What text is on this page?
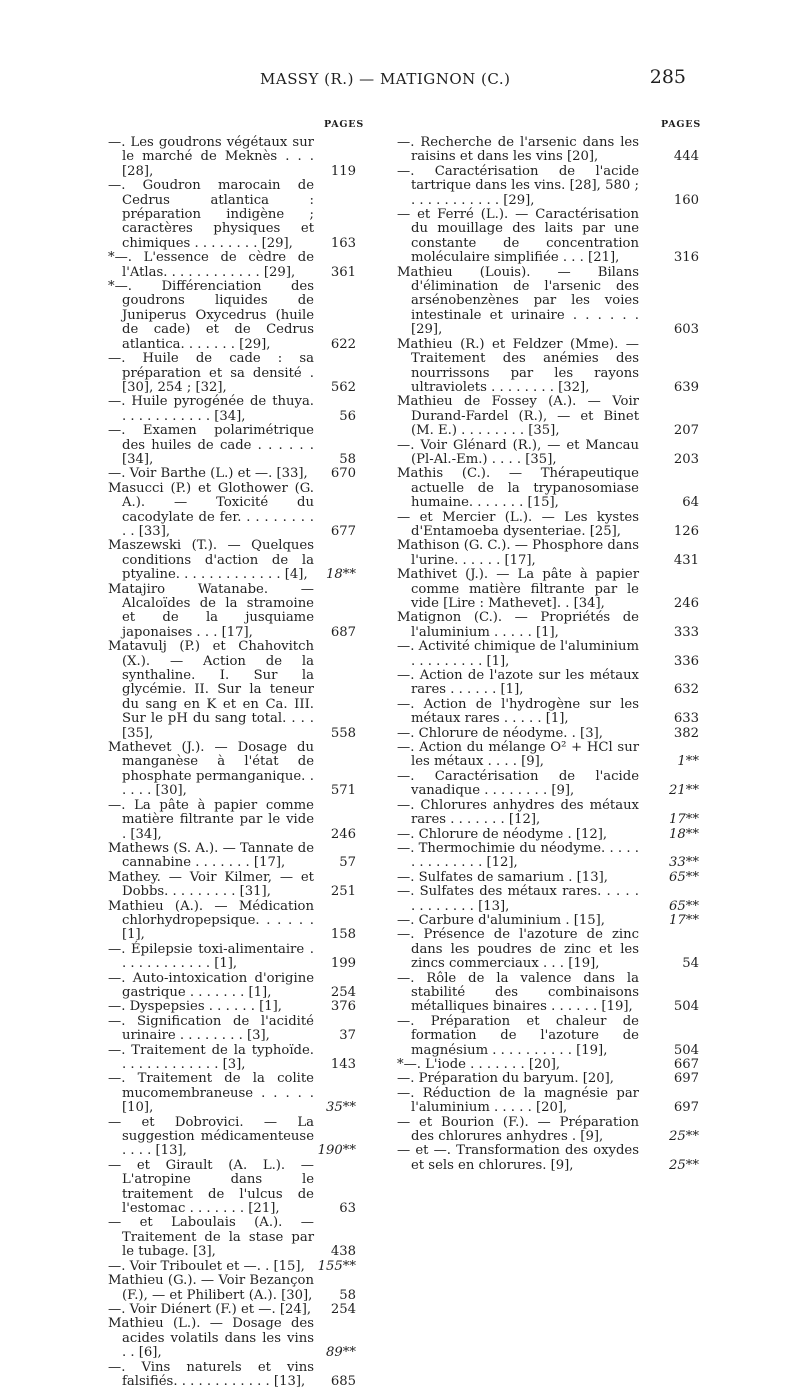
MASSY (R.) — MATIGNON (C.)	285
PAGES
—. Les goudrons végétaux sur le marché de Meknès . . . [28],	119
—. Goudron marocain de Cedrus atlantica : préparation indigène ; caractères physiques et chimiques . . . . . . . . [29],	163
*—. L'essence de cèdre de l'Atlas. . . . . . . . . . . . [29],	361
*—. Différenciation des goudrons liquides de Juniperus Oxycedrus (huile de cade) et de Cedrus atlantica. . . . . . . [29],	622
—. Huile de cade : sa préparation et sa densité . [30], 254 ; [32],	562
—. Huile pyrogénée de thuya. . . . . . . . . . . . [34],	56
—. Examen polarimétrique des huiles de cade . . . . . . [34],	58
—. Voir Barthe (L.) et —. [33],	670
Masucci (P.) et Glothower (G. A.). — Toxicité du cacodylate de fer. . . . . . . . . . . [33],	677
Maszewski (T.). — Quelques conditions d'action de la ptyaline. . . . . . . . . . . . . [4],	18**
Matajiro Watanabe. — Alcaloïdes de la stramoine et de la jusquiame japonaises . . . [17],	687
Matavulj (P.) et Chahovitch (X.). — Action de la synthaline. I. Sur la glycémie. II. Sur la teneur du sang en K et en Ca. III. Sur le pH du sang total. . . . [35],	558
Mathevet (J.). — Dosage du manganèse à l'état de phosphate permanganique. . . . . . [30],	571
—. La pâte à papier comme matière filtrante par le vide . [34],	246
Mathews (S. A.). — Tannate de cannabine . . . . . . . [17],	57
Mathey. — Voir Kilmer, — et Dobbs. . . . . . . . . [31],	251
Mathieu (A.). — Médication chlorhydropepsique. . . . . . [1],	158
—. Épilepsie toxi-alimentaire . . . . . . . . . . . . [1],	199
—. Auto-intoxication d'origine gastrique . . . . . . . [1],	254
—. Dyspepsies . . . . . . [1],	376
—. Signification de l'acidité urinaire . . . . . . . . [3],	37
—. Traitement de la typhoïde. . . . . . . . . . . . . [3],	143
—. Traitement de la colite mucomembraneuse . . . . . [10],	35**
— et Dobrovici. — La suggestion médicamenteuse . . . . [13],	190**
— et Girault (A. L.). — L'atropine dans le traitement de l'ulcus de l'estomac . . . . . . . [21],	63
— et Laboulais (A.). — Traitement de la stase par le tubage. [3],	438
—. Voir Triboulet et —. . [15], 155**
Mathieu (G.). — Voir Bezançon (F.), — et Philibert (A.). [30],	58
—. Voir Diénert (F.) et —. [24],	254
Mathieu (L.). — Dosage des acides volatils dans les vins . . [6],	89**
—. Vins naturels et vins falsifiés. . . . . . . . . . . . [13],	685
PAGES
—. Recherche de l'arsenic dans les raisins et dans les vins [20],	444
—. Caractérisation de l'acide tartrique dans les vins. [28], 580 ; . . . . . . . . . . . [29],	160
— et Ferré (L.). — Caractérisation du mouillage des laits par une constante de concentration moléculaire simplifiée . . . [21],	316
Mathieu (Louis). — Bilans d'élimination de l'arsenic des arsénobenzènes par les voies intestinale et urinaire . . . . . . [29],	603
Mathieu (R.) et Feldzer (Mme). — Traitement des anémies des nourrissons par les rayons ultraviolets . . . . . . . . [32],	639
Mathieu de Fossey (A.). — Voir Durand-Fardel (R.), — et Binet (M. E.) . . . . . . . . [35],	207
—. Voir Glénard (R.), — et Mancau (Pl-Al.-Em.) . . . . [35],	203
Mathis (C.). — Thérapeutique actuelle de la trypanosomiase humaine. . . . . . . [15],	64
— et Mercier (L.). — Les kystes d'Entamoeba dysenteriae. [25],	126
Mathison (G. C.). — Phosphore dans l'urine. . . . . . [17],	431
Mathivet (J.). — La pâte à papier comme matière filtrante par le vide [Lire : Mathevet]. . [34],	246
Matignon (C.). — Propriétés de l'aluminium . . . . . [1],	333
—. Activité chimique de l'aluminium . . . . . . . . . [1],	336
—. Action de l'azote sur les métaux rares . . . . . . [1],	632
—. Action de l'hydrogène sur les métaux rares . . . . . [1],	633
—. Chlorure de néodyme. . [3],	382
—. Action du mélange O² + HCl sur les métaux . . . . [9],	1**
—. Caractérisation de l'acide vanadique . . . . . . . . [9],	21**
—. Chlorures anhydres des métaux rares . . . . . . . [12],	17**
—. Chlorure de néodyme . [12],	18**
—. Thermochimie du néodyme. . . . . . . . . . . . . . [12],	33**
—. Sulfates de samarium . [13],	65**
—. Sulfates des métaux rares. . . . . . . . . . . . . [13],	65**
—. Carbure d'aluminium . [15],	17**
—. Présence de l'azoture de zinc dans les poudres de zinc et les zincs commerciaux . . . [19],	54
—. Rôle de la valence dans la stabilité des combinaisons métalliques binaires . . . . . . [19],	504
—. Préparation et chaleur de formation de l'azoture de magnésium . . . . . . . . . . [19],	504
*—. L'iode . . . . . . . [20],	667
—. Préparation du baryum. [20],	697
—. Réduction de la magnésie par l'aluminium . . . . . [20],	697
— et Bourion (F.). — Préparation des chlorures anhydres . [9],	25**
— et —. Transformation des oxydes et sels en chlorures. [9],	25**
